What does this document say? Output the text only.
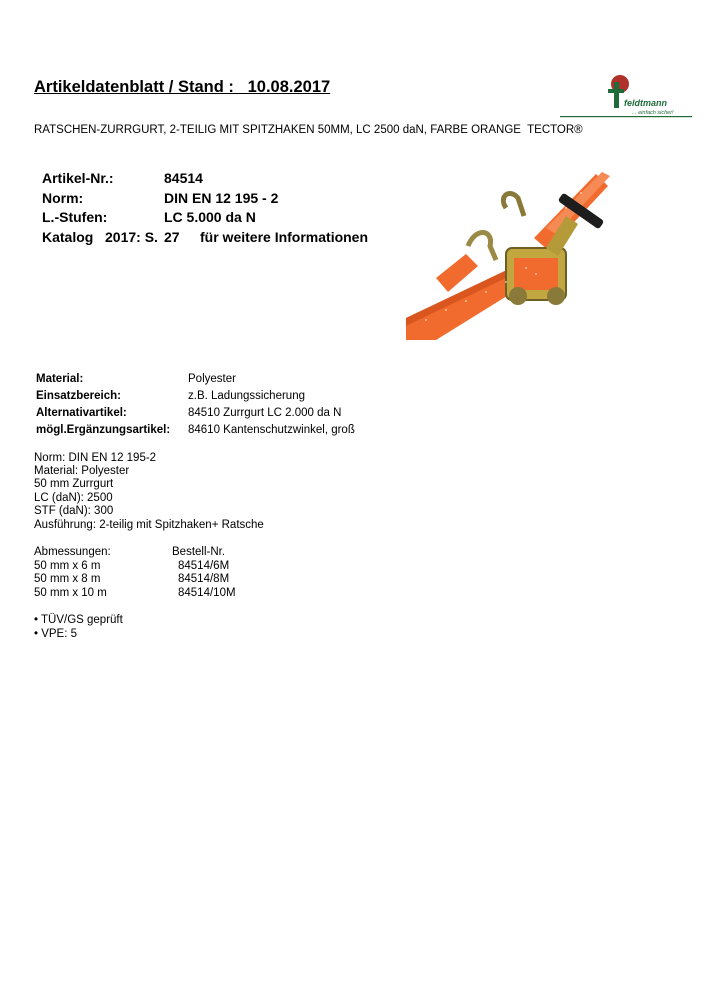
Artikeldatenblatt / Stand :   10.08.2017
feldtmann
... einfach sicher!
RATSCHEN-ZURRGURT, 2-TEILIG MIT SPITZHAKEN 50MM, LC 2500 daN, FARBE ORANGE  TECTOR®
Artikel-Nr.:	84514
Norm:	DIN EN 12 195 - 2
L.-Stufen:	LC 5.000 da N
Katalog   2017: S. 27 für weitere Informationen
Material:	Polyester
Einsatzbereich:	z.B. Ladungssicherung
Alternativartikel:	84510 Zurrgurt LC 2.000 da N
mögl.Ergänzungsartikel: 84610 Kantenschutzwinkel, groß
Norm: DIN EN 12 195-2
Material: Polyester
50 mm Zurrgurt
LC (daN): 2500
STF (daN): 300
Ausführung: 2-teilig mit Spitzhaken+ Ratsche
Abmessungen:	Bestell-Nr.
50 mm x 6 m	84514/6M
50 mm x 8 m	84514/8M
50 mm x 10 m	84514/10M
• TÜV/GS geprüft
• VPE: 5
